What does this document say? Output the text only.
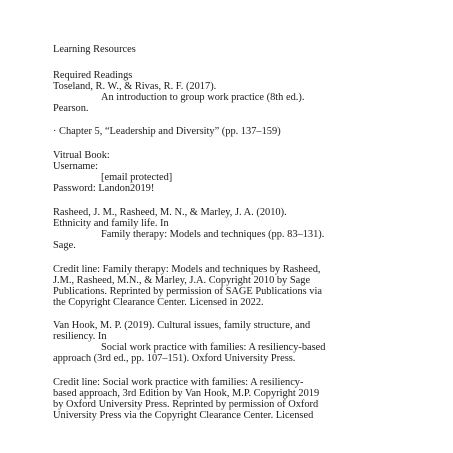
Learning Resources

Required Readings

Toseland, R. W., & Rivas, R. F. (2017).

An introduction to group work practice (8th ed.).

Pearson.

· Chapter 5, “Leadership and Diversity” (pp. 137–159)

Vitrual Book:

Username:

[email protected]

Password: Landon2019!

Rasheed, J. M., Rasheed, M. N., & Marley, J. A. (2010).

Ethnicity and family life. In

Family therapy: Models and techniques (pp. 83–131).

Sage.

Credit line: Family therapy: Models and techniques by Rasheed,

J.M., Rasheed, M.N., & Marley, J.A. Copyright 2010 by Sage

Publications. Reprinted by permission of SAGE Publications via

the Copyright Clearance Center. Licensed in 2022.

Van Hook, M. P. (2019). Cultural issues, family structure, and

resiliency. In

Social work practice with families: A resiliency-based

approach (3rd ed., pp. 107–151). Oxford University Press.

Credit line: Social work practice with families: A resiliency-

based approach, 3rd Edition by Van Hook, M.P. Copyright 2019

by Oxford University Press. Reprinted by permission of Oxford

University Press via the Copyright Clearance Center. Licensed
